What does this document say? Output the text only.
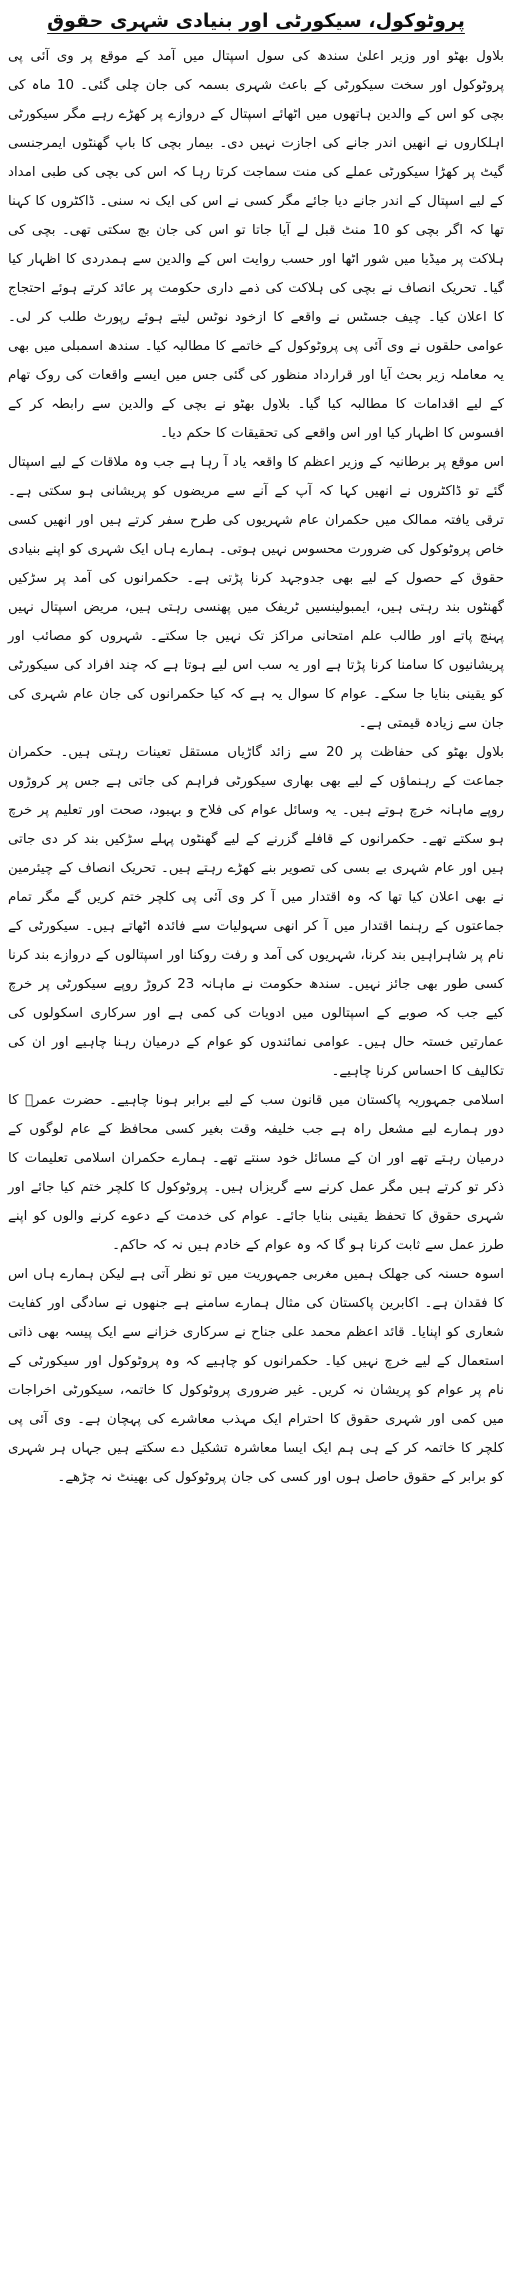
پروٹوکول، سیکورٹی اور بنیادی شہری حقوق

بلاول بھٹو اور وزیر اعلیٰ سندھ کی سول اسپتال میں آمد کے موقع پر وی آئی پی پروٹوکول اور سخت سیکورٹی کے باعث شہری بسمہ کی جان چلی گئی۔ 10 ماہ کی بچی کو اس کے والدین ہاتھوں میں اٹھائے اسپتال کے دروازے پر کھڑے رہے مگر سیکورٹی اہلکاروں نے انھیں اندر جانے کی اجازت نہیں دی۔ بیمار بچی کا باپ گھنٹوں ایمرجنسی گیٹ پر کھڑا سیکورٹی عملے کی منت سماجت کرتا رہا کہ اس کی بچی کی طبی امداد کے لیے اسپتال کے اندر جانے دیا جائے مگر کسی نے اس کی ایک نہ سنی۔ ڈاکٹروں کا کہنا تھا کہ اگر بچی کو 10 منٹ قبل لے آیا جاتا تو اس کی جان بچ سکتی تھی۔ بچی کی ہلاکت پر میڈیا میں شور اٹھا اور حسب روایت اس کے والدین سے ہمدردی کا اظہار کیا گیا۔ تحریک انصاف نے بچی کی ہلاکت کی ذمے داری حکومت پر عائد کرتے ہوئے احتجاج کا اعلان کیا۔ چیف جسٹس نے واقعے کا ازخود نوٹس لیتے ہوئے رپورٹ طلب کر لی۔ عوامی حلقوں نے وی آئی پی پروٹوکول کے خاتمے کا مطالبہ کیا۔ سندھ اسمبلی میں بھی یہ معاملہ زیر بحث آیا اور قرارداد منظور کی گئی جس میں ایسے واقعات کی روک تھام کے لیے اقدامات کا مطالبہ کیا گیا۔ بلاول بھٹو نے بچی کے والدین سے رابطہ کر کے افسوس کا اظہار کیا اور اس واقعے کی تحقیقات کا حکم دیا۔

اس موقع پر برطانیہ کے وزیر اعظم کا واقعہ یاد آ رہا ہے جب وہ ملاقات کے لیے اسپتال گئے تو ڈاکٹروں نے انھیں کہا کہ آپ کے آنے سے مریضوں کو پریشانی ہو سکتی ہے۔ ترقی یافتہ ممالک میں حکمران عام شہریوں کی طرح سفر کرتے ہیں اور انھیں کسی خاص پروٹوکول کی ضرورت محسوس نہیں ہوتی۔ ہمارے ہاں ایک شہری کو اپنے بنیادی حقوق کے حصول کے لیے بھی جدوجہد کرنا پڑتی ہے۔ حکمرانوں کی آمد پر سڑکیں گھنٹوں بند رہتی ہیں، ایمبولینسیں ٹریفک میں پھنسی رہتی ہیں، مریض اسپتال نہیں پہنچ پاتے اور طالب علم امتحانی مراکز تک نہیں جا سکتے۔ شہروں کو مصائب اور پریشانیوں کا سامنا کرنا پڑتا ہے اور یہ سب اس لیے ہوتا ہے کہ چند افراد کی سیکورٹی کو یقینی بنایا جا سکے۔ عوام کا سوال یہ ہے کہ کیا حکمرانوں کی جان عام شہری کی جان سے زیادہ قیمتی ہے۔

بلاول بھٹو کی حفاظت پر 20 سے زائد گاڑیاں مستقل تعینات رہتی ہیں۔ حکمران جماعت کے رہنماؤں کے لیے بھی بھاری سیکورٹی فراہم کی جاتی ہے جس پر کروڑوں روپے ماہانہ خرچ ہوتے ہیں۔ یہ وسائل عوام کی فلاح و بہبود، صحت اور تعلیم پر خرچ ہو سکتے تھے۔ حکمرانوں کے قافلے گزرنے کے لیے گھنٹوں پہلے سڑکیں بند کر دی جاتی ہیں اور عام شہری بے بسی کی تصویر بنے کھڑے رہتے ہیں۔ تحریک انصاف کے چیئرمین نے بھی اعلان کیا تھا کہ وہ اقتدار میں آ کر وی آئی پی کلچر ختم کریں گے مگر تمام جماعتوں کے رہنما اقتدار میں آ کر انھی سہولیات سے فائدہ اٹھاتے ہیں۔ سیکورٹی کے نام پر شاہراہیں بند کرنا، شہریوں کی آمد و رفت روکنا اور اسپتالوں کے دروازے بند کرنا کسی طور بھی جائز نہیں۔ سندھ حکومت نے ماہانہ 23 کروڑ روپے سیکورٹی پر خرچ کیے جب کہ صوبے کے اسپتالوں میں ادویات کی کمی ہے اور سرکاری اسکولوں کی عمارتیں خستہ حال ہیں۔ عوامی نمائندوں کو عوام کے درمیان رہنا چاہیے اور ان کی تکالیف کا احساس کرنا چاہیے۔

اسلامی جمہوریہ پاکستان میں قانون سب کے لیے برابر ہونا چاہیے۔ حضرت عمرؓ کا دور ہمارے لیے مشعل راہ ہے جب خلیفہ وقت بغیر کسی محافظ کے عام لوگوں کے درمیان رہتے تھے اور ان کے مسائل خود سنتے تھے۔ ہمارے حکمران اسلامی تعلیمات کا ذکر تو کرتے ہیں مگر عمل کرنے سے گریزاں ہیں۔ پروٹوکول کا کلچر ختم کیا جائے اور شہری حقوق کا تحفظ یقینی بنایا جائے۔ عوام کی خدمت کے دعوے کرنے والوں کو اپنے طرز عمل سے ثابت کرنا ہو گا کہ وہ عوام کے خادم ہیں نہ کہ حاکم۔

اسوہ حسنہ کی جھلک ہمیں مغربی جمہوریت میں تو نظر آتی ہے لیکن ہمارے ہاں اس کا فقدان ہے۔ اکابرین پاکستان کی مثال ہمارے سامنے ہے جنھوں نے سادگی اور کفایت شعاری کو اپنایا۔ قائد اعظم محمد علی جناح نے سرکاری خزانے سے ایک پیسہ بھی ذاتی استعمال کے لیے خرچ نہیں کیا۔ حکمرانوں کو چاہیے کہ وہ پروٹوکول اور سیکورٹی کے نام پر عوام کو پریشان نہ کریں۔ غیر ضروری پروٹوکول کا خاتمہ، سیکورٹی اخراجات میں کمی اور شہری حقوق کا احترام ایک مہذب معاشرے کی پہچان ہے۔ وی آئی پی کلچر کا خاتمہ کر کے ہی ہم ایک ایسا معاشرہ تشکیل دے سکتے ہیں جہاں ہر شہری کو برابر کے حقوق حاصل ہوں اور کسی کی جان پروٹوکول کی بھینٹ نہ چڑھے۔
